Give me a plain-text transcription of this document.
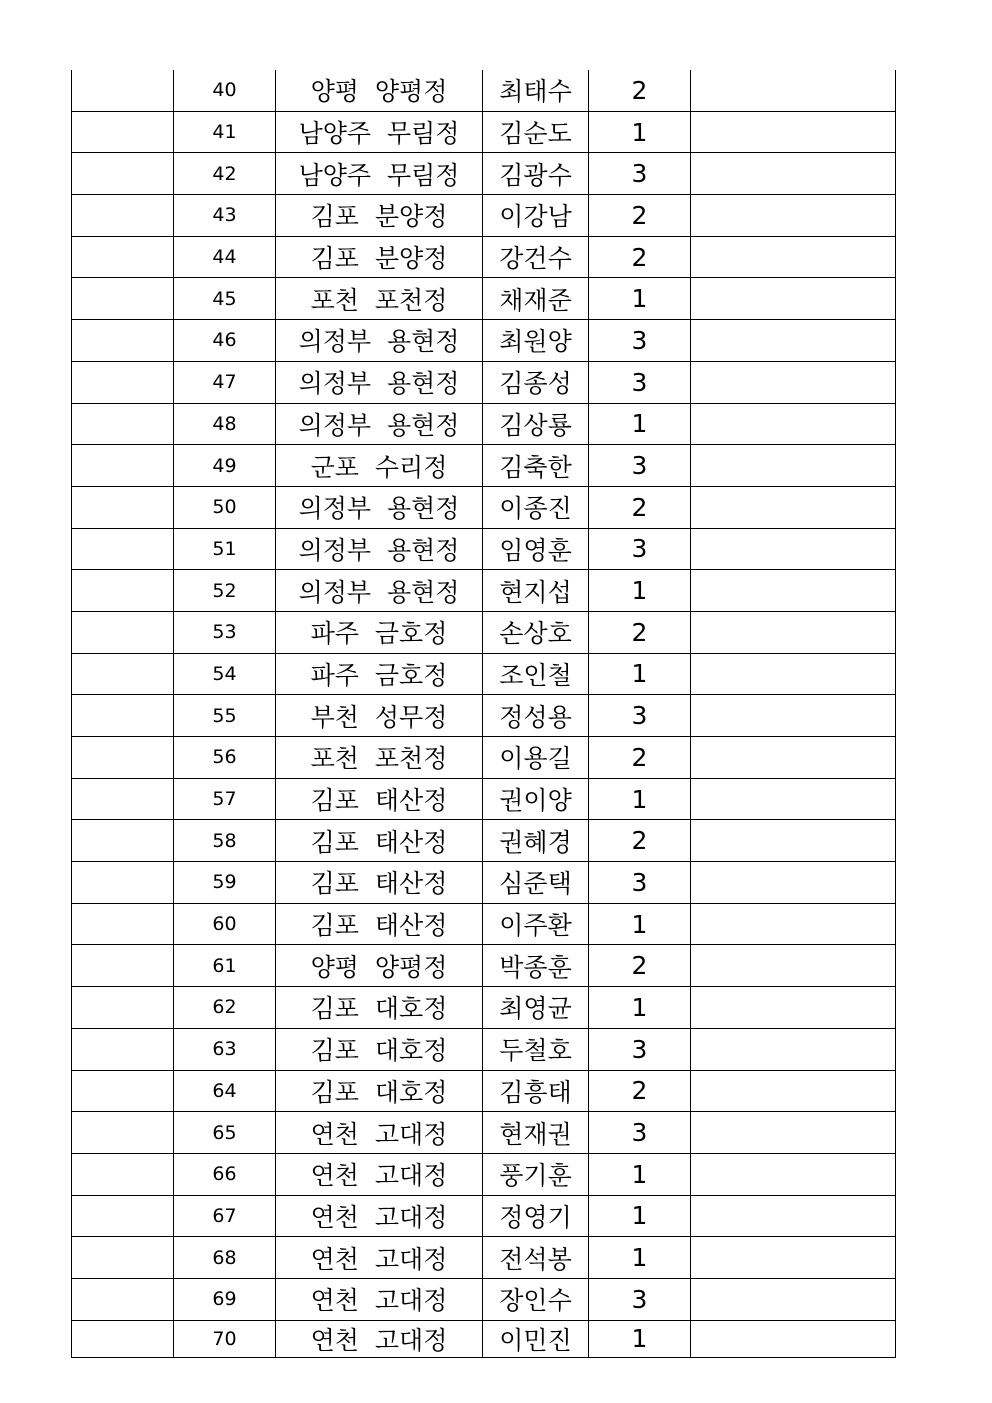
	40	양평 양평정	최태수	2	
	41	남양주 무림정	김순도	1	
	42	남양주 무림정	김광수	3	
	43	김포 분양정	이강남	2	
	44	김포 분양정	강건수	2	
	45	포천 포천정	채재준	1	
	46	의정부 용현정	최원양	3	
	47	의정부 용현정	김종성	3	
	48	의정부 용현정	김상룡	1	
	49	군포 수리정	김축한	3	
	50	의정부 용현정	이종진	2	
	51	의정부 용현정	임영훈	3	
	52	의정부 용현정	현지섭	1	
	53	파주 금호정	손상호	2	
	54	파주 금호정	조인철	1	
	55	부천 성무정	정성용	3	
	56	포천 포천정	이용길	2	
	57	김포 태산정	권이양	1	
	58	김포 태산정	권혜경	2	
	59	김포 태산정	심준택	3	
	60	김포 태산정	이주환	1	
	61	양평 양평정	박종훈	2	
	62	김포 대호정	최영균	1	
	63	김포 대호정	두철호	3	
	64	김포 대호정	김흥태	2	
	65	연천 고대정	현재권	3	
	66	연천 고대정	풍기훈	1	
	67	연천 고대정	정영기	1	
	68	연천 고대정	전석봉	1	
	69	연천 고대정	장인수	3	
	70	연천 고대정	이민진	1	
